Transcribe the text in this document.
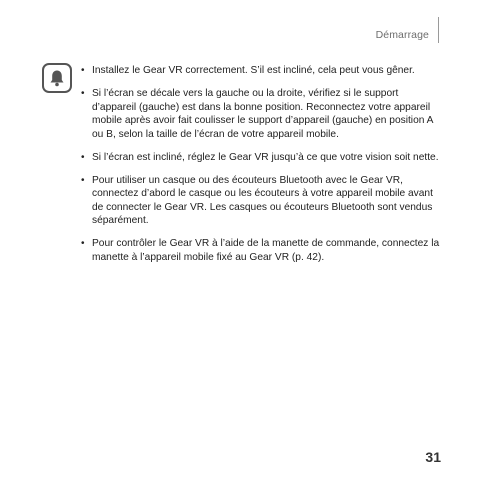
Démarrage
• Installez le Gear VR correctement. S’il est incliné, cela peut vous gêner.
• Si l’écran se décale vers la gauche ou la droite, vérifiez si le support d’appareil (gauche) est dans la bonne position. Reconnectez votre appareil mobile après avoir fait coulisser le support d’appareil (gauche) en position A ou B, selon la taille de l’écran de votre appareil mobile.
• Si l’écran est incliné, réglez le Gear VR jusqu’à ce que votre vision soit nette.
• Pour utiliser un casque ou des écouteurs Bluetooth avec le Gear VR, connectez d’abord le casque ou les écouteurs à votre appareil mobile avant de connecter le Gear VR. Les casques ou écouteurs Bluetooth sont vendus séparément.
• Pour contrôler le Gear VR à l’aide de la manette de commande, connectez la manette à l’appareil mobile fixé au Gear VR (p. 42).
31
